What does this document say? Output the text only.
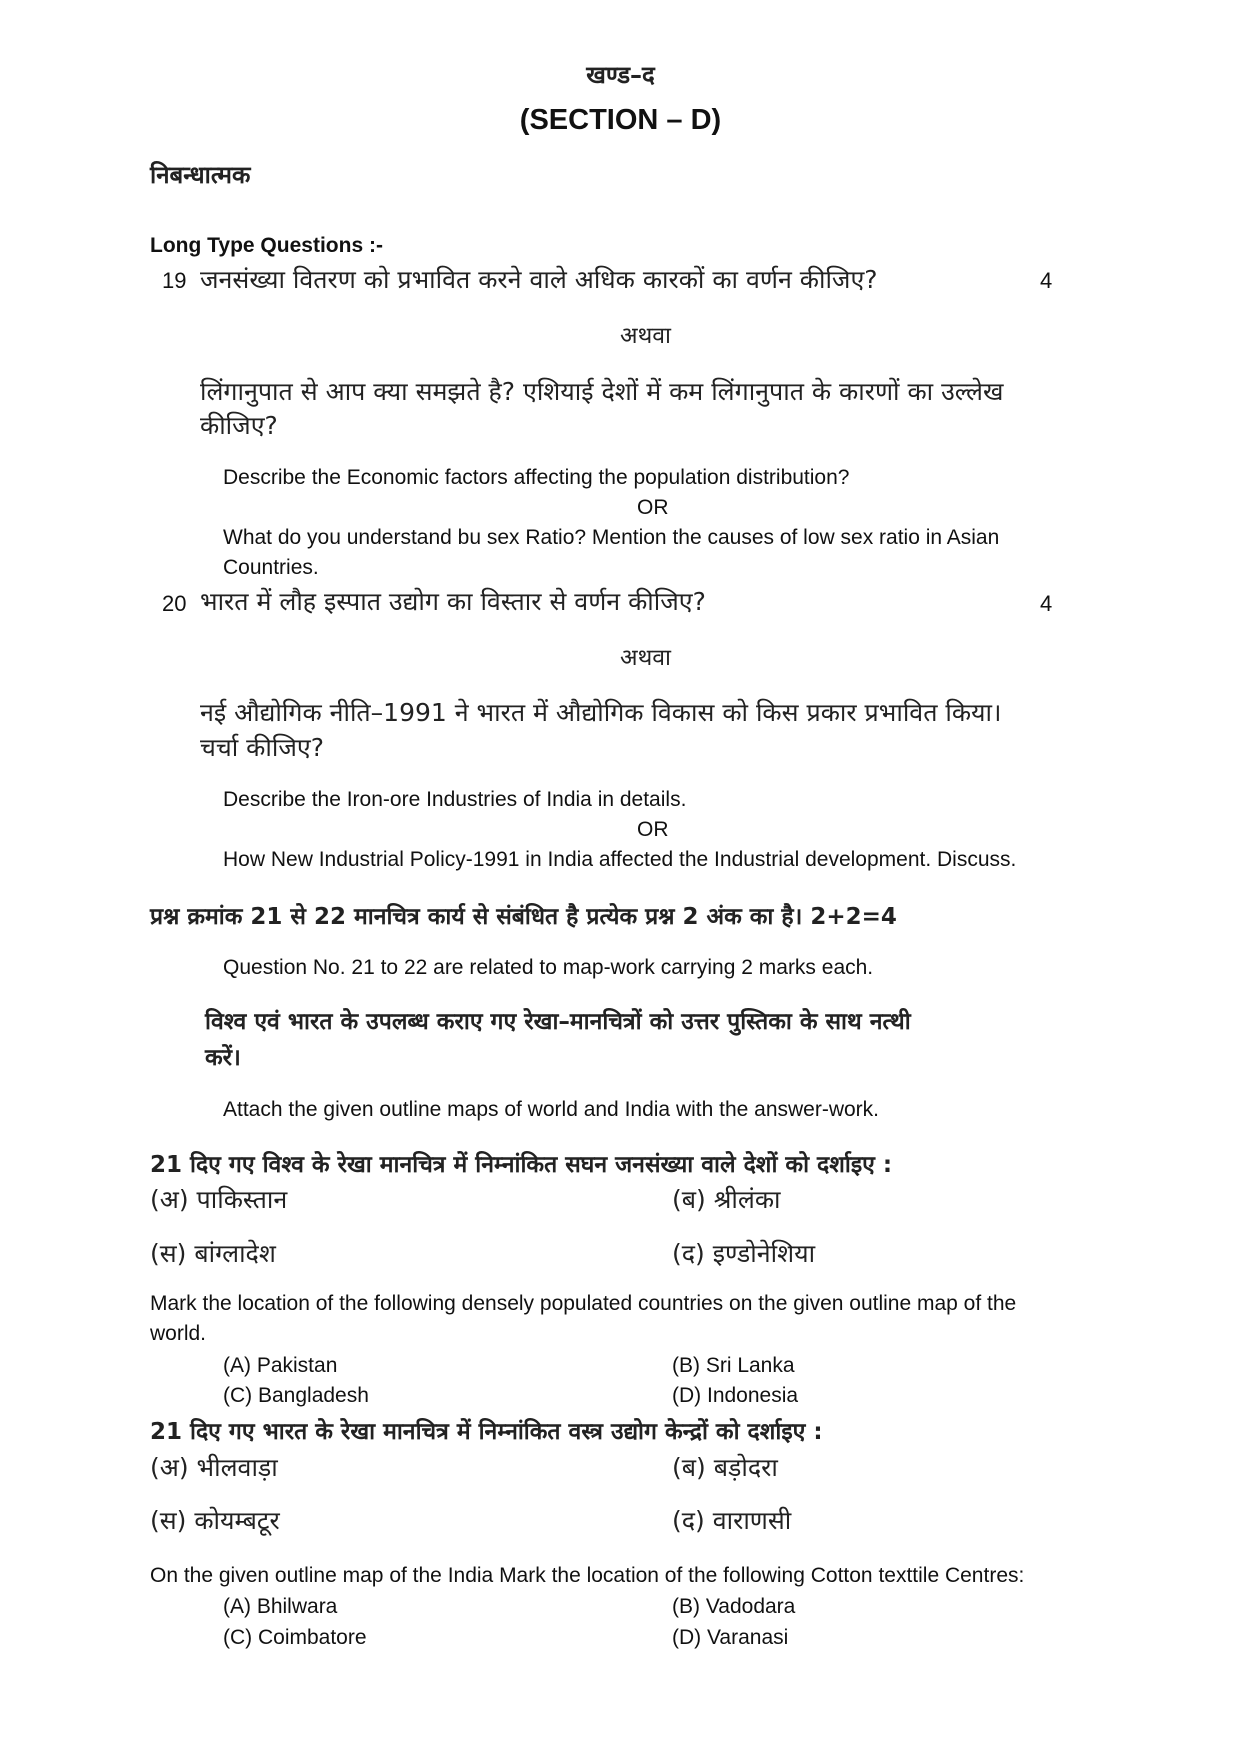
खण्ड–द
(SECTION – D)
निबन्धात्मक
Long Type Questions :-
19 जनसंख्या वितरण को प्रभावित करने वाले अधिक कारकों का वर्णन कीजिए?	4
अथवा
लिंगानुपात से आप क्या समझते है? एशियाई देशों में कम लिंगानुपात के कारणों का उल्लेख
कीजिए?
Describe the Economic factors affecting the population distribution?
OR
What do you understand bu sex Ratio? Mention the causes of low sex ratio in Asian
Countries.
20 भारत में लौह इस्पात उद्योग का विस्तार से वर्णन कीजिए?	4
अथवा
नई औद्योगिक नीति–1991 ने भारत में औद्योगिक विकास को किस प्रकार प्रभावित किया।
चर्चा कीजिए?
Describe the Iron-ore Industries of India in details.
OR
How New Industrial Policy-1991 in India affected the Industrial development. Discuss.
प्रश्न क्रमांक 21 से 22 मानचित्र कार्य से संबंधित है प्रत्येक प्रश्न 2 अंक का है। 2+2=4
Question No. 21 to 22 are related to map-work carrying 2 marks each.
विश्व एवं भारत के उपलब्ध कराए गए रेखा–मानचित्रों को उत्तर पुस्तिका के साथ नत्थी
करें।
Attach the given outline maps of world and India with the answer-work.
21 दिए गए विश्व के रेखा मानचित्र में निम्नांकित सघन जनसंख्या वाले देशों को दर्शाइए :
(अ) पाकिस्तान	(ब) श्रीलंका
(स) बांग्लादेश	(द) इण्डोनेशिया
Mark the location of the following densely populated countries on the given outline map of the
world.
(A) Pakistan	(B) Sri Lanka
(C) Bangladesh	(D) Indonesia
21 दिए गए भारत के रेखा मानचित्र में निम्नांकित वस्त्र उद्योग केन्द्रों को दर्शाइए :
(अ) भीलवाड़ा	(ब) बड़ोदरा
(स) कोयम्बटूर	(द) वाराणसी
On the given outline map of the India Mark the location of the following Cotton texttile Centres:
(A) Bhilwara	(B) Vadodara
(C) Coimbatore	(D) Varanasi
